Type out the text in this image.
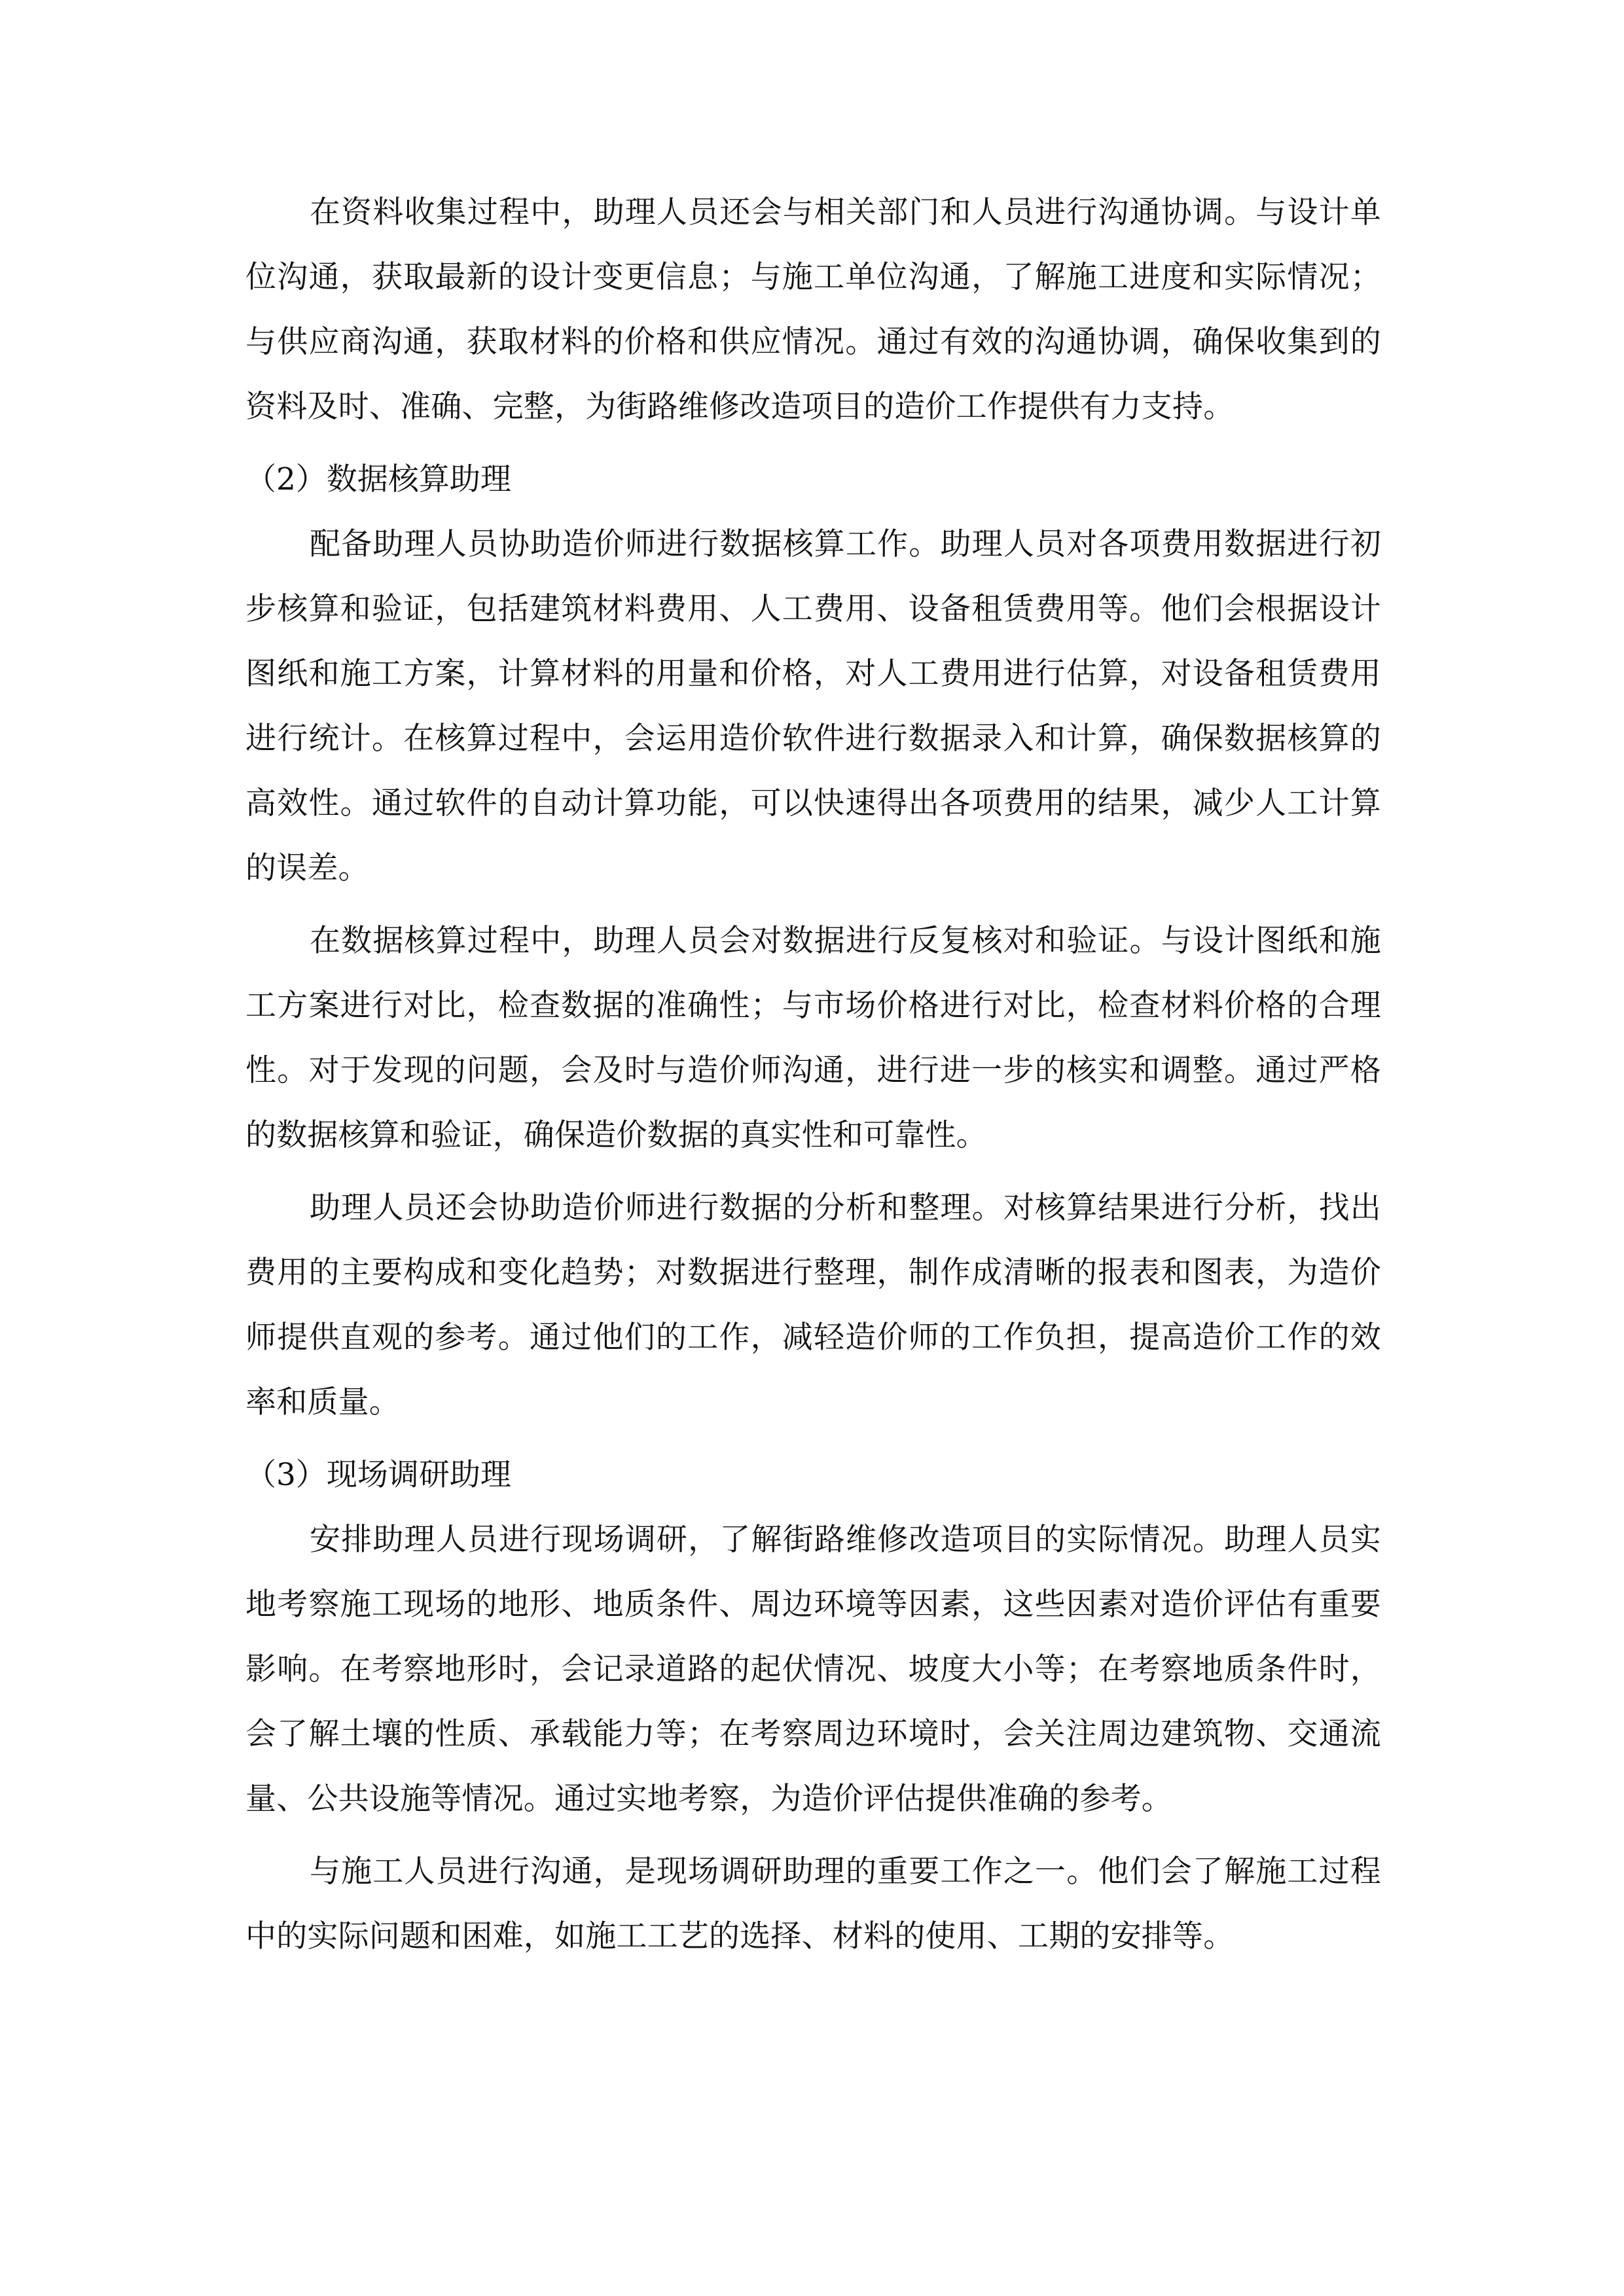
在资料收集过程中，助理人员还会与相关部门和人员进行沟通协调。与设计单位沟通，获取最新的设计变更信息；与施工单位沟通，了解施工进度和实际情况；与供应商沟通，获取材料的价格和供应情况。通过有效的沟通协调，确保收集到的资料及时、准确、完整，为街路维修改造项目的造价工作提供有力支持。

（2）数据核算助理

配备助理人员协助造价师进行数据核算工作。助理人员对各项费用数据进行初步核算和验证，包括建筑材料费用、人工费用、设备租赁费用等。他们会根据设计图纸和施工方案，计算材料的用量和价格，对人工费用进行估算，对设备租赁费用进行统计。在核算过程中，会运用造价软件进行数据录入和计算，确保数据核算的高效性。通过软件的自动计算功能，可以快速得出各项费用的结果，减少人工计算的误差。

在数据核算过程中，助理人员会对数据进行反复核对和验证。与设计图纸和施工方案进行对比，检查数据的准确性；与市场价格进行对比，检查材料价格的合理性。对于发现的问题，会及时与造价师沟通，进行进一步的核实和调整。通过严格的数据核算和验证，确保造价数据的真实性和可靠性。

助理人员还会协助造价师进行数据的分析和整理。对核算结果进行分析，找出费用的主要构成和变化趋势；对数据进行整理，制作成清晰的报表和图表，为造价师提供直观的参考。通过他们的工作，减轻造价师的工作负担，提高造价工作的效率和质量。

（3）现场调研助理

安排助理人员进行现场调研，了解街路维修改造项目的实际情况。助理人员实地考察施工现场的地形、地质条件、周边环境等因素，这些因素对造价评估有重要影响。在考察地形时，会记录道路的起伏情况、坡度大小等；在考察地质条件时，会了解土壤的性质、承载能力等；在考察周边环境时，会关注周边建筑物、交通流量、公共设施等情况。通过实地考察，为造价评估提供准确的参考。

与施工人员进行沟通，是现场调研助理的重要工作之一。他们会了解施工过程中的实际问题和困难，如施工工艺的选择、材料的使用、工期的安排等。
